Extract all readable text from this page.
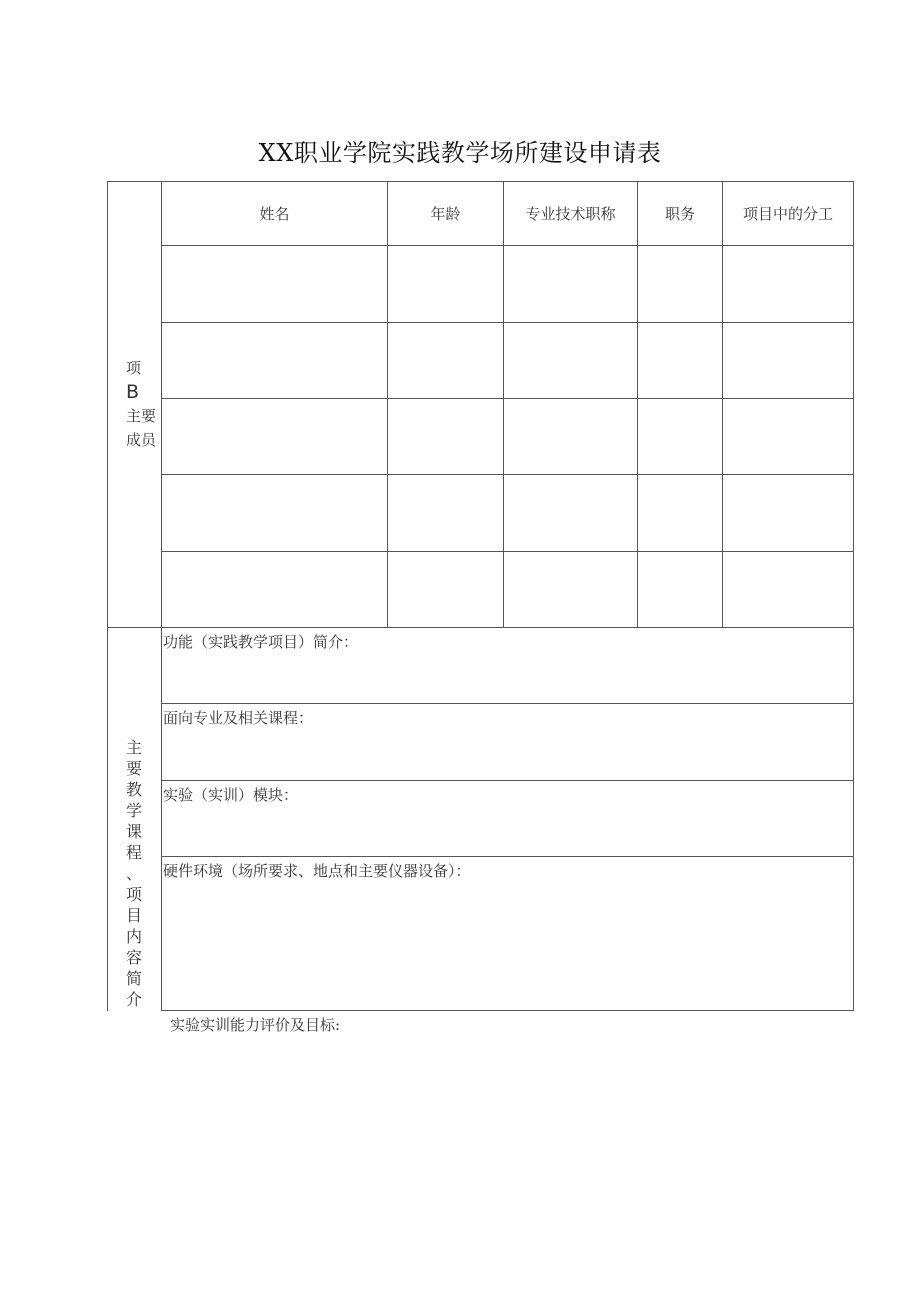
XX职业学院实践教学场所建设申请表
项
B
主要
成员
姓名	年龄	专业技术职称	职务	项目中的分工
主
要
教
学
课
程
、
项
目
内
容
简
介
功能（实践教学项目）简介：
面向专业及相关课程：
实验（实训）模块：
硬件环境（场所要求、地点和主要仪器设备）：
实验实训能力评价及目标:
